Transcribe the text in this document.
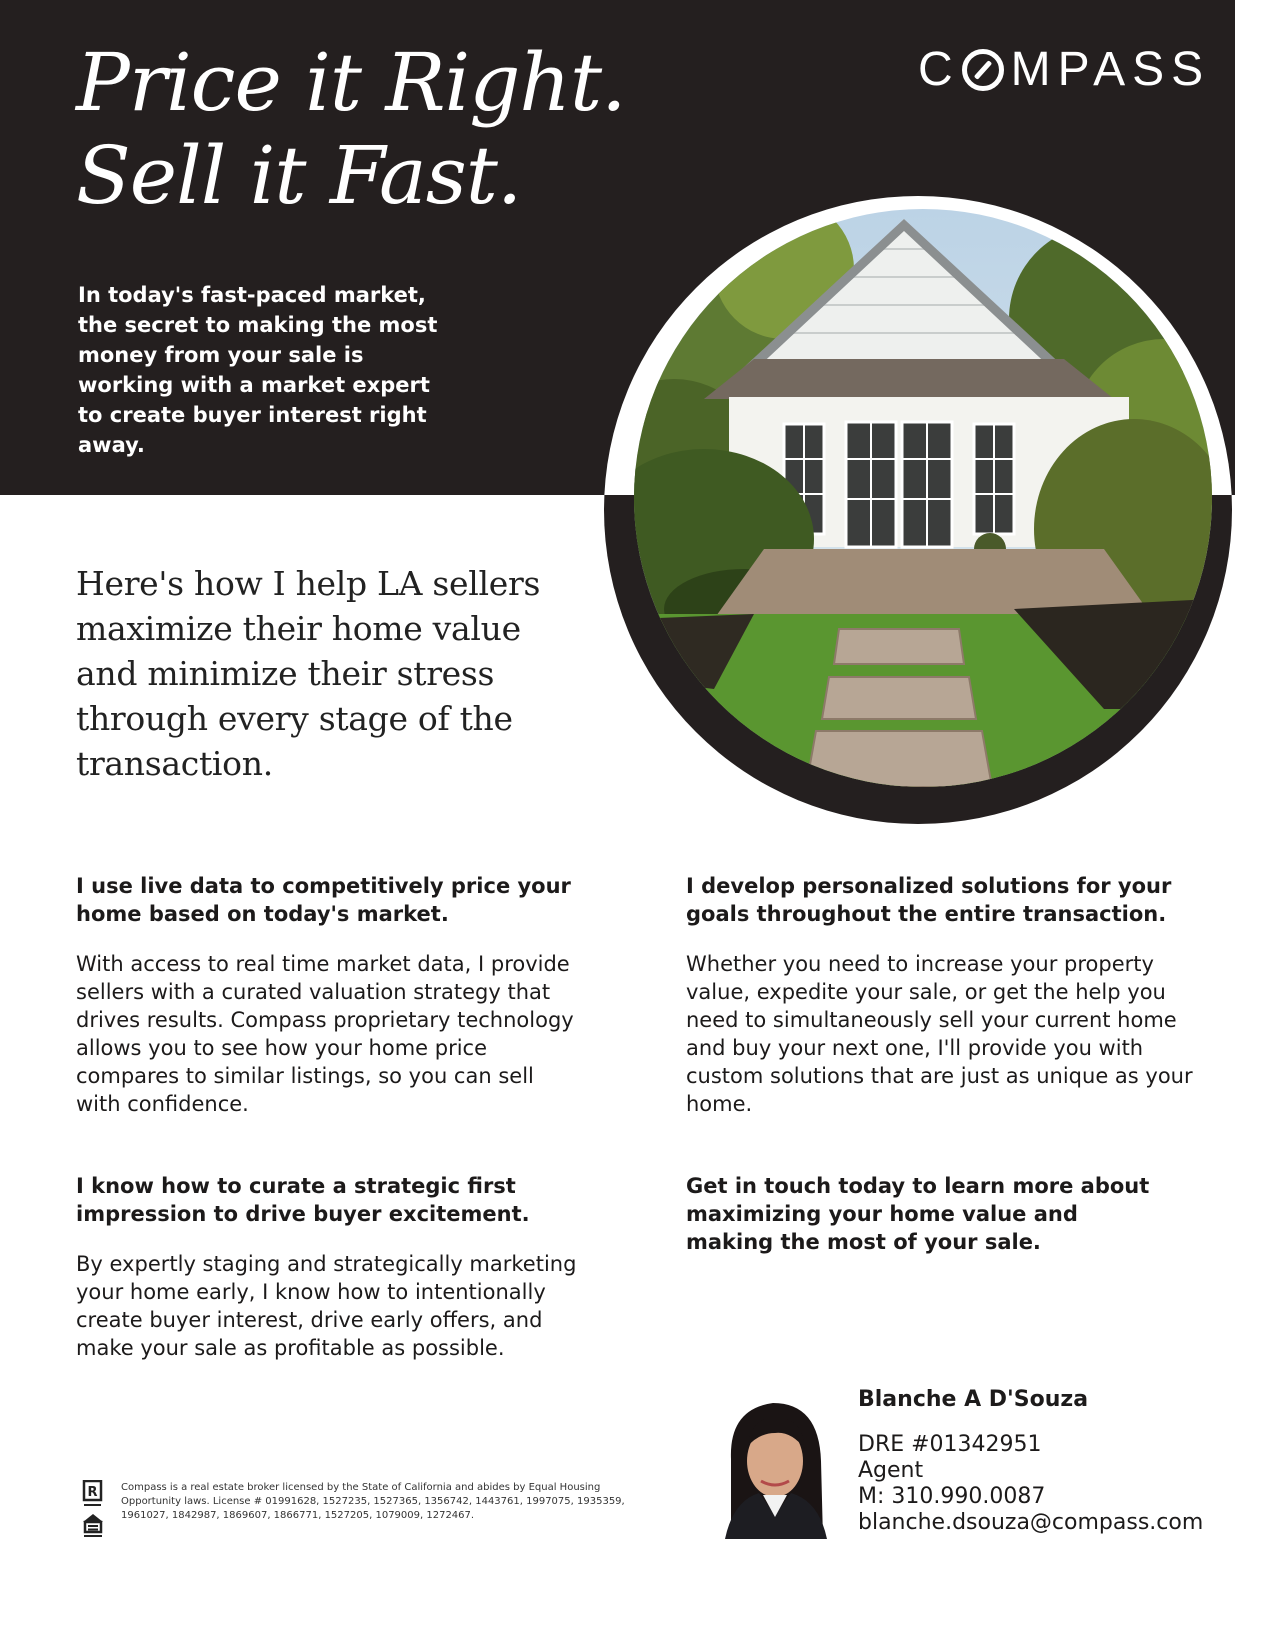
Price it Right.
Sell it Fast.
C MPASS

In today's fast-paced market, the secret to making the most money from your sale is working with a market expert to create buyer interest right away.

Here's how I help LA sellers maximize their home value and minimize their stress through every stage of the transaction.

I use live data to competitively price your home based on today's market.

With access to real time market data, I provide sellers with a curated valuation strategy that drives results. Compass proprietary technology allows you to see how your home price compares to similar listings, so you can sell with confidence.

I develop personalized solutions for your goals throughout the entire transaction.

Whether you need to increase your property value, expedite your sale, or get the help you need to simultaneously sell your current home and buy your next one, I'll provide you with custom solutions that are just as unique as your home.

I know how to curate a strategic first impression to drive buyer excitement.

By expertly staging and strategically marketing your home early, I know how to intentionally create buyer interest, drive early offers, and make your sale as profitable as possible.

Get in touch today to learn more about maximizing your home value and making the most of your sale.
R Compass is a real estate broker licensed by the State of California and abides by Equal Housing Opportunity laws. License # 01991628, 1527235, 1527365, 1356742, 1443761, 1997075, 1935359, 1961027, 1842987, 1869607, 1866771, 1527205, 1079009, 1272467.

Blanche A D'Souza

DRE #01342951

Agent

M: 310.990.0087

blanche.dsouza@compass.com
